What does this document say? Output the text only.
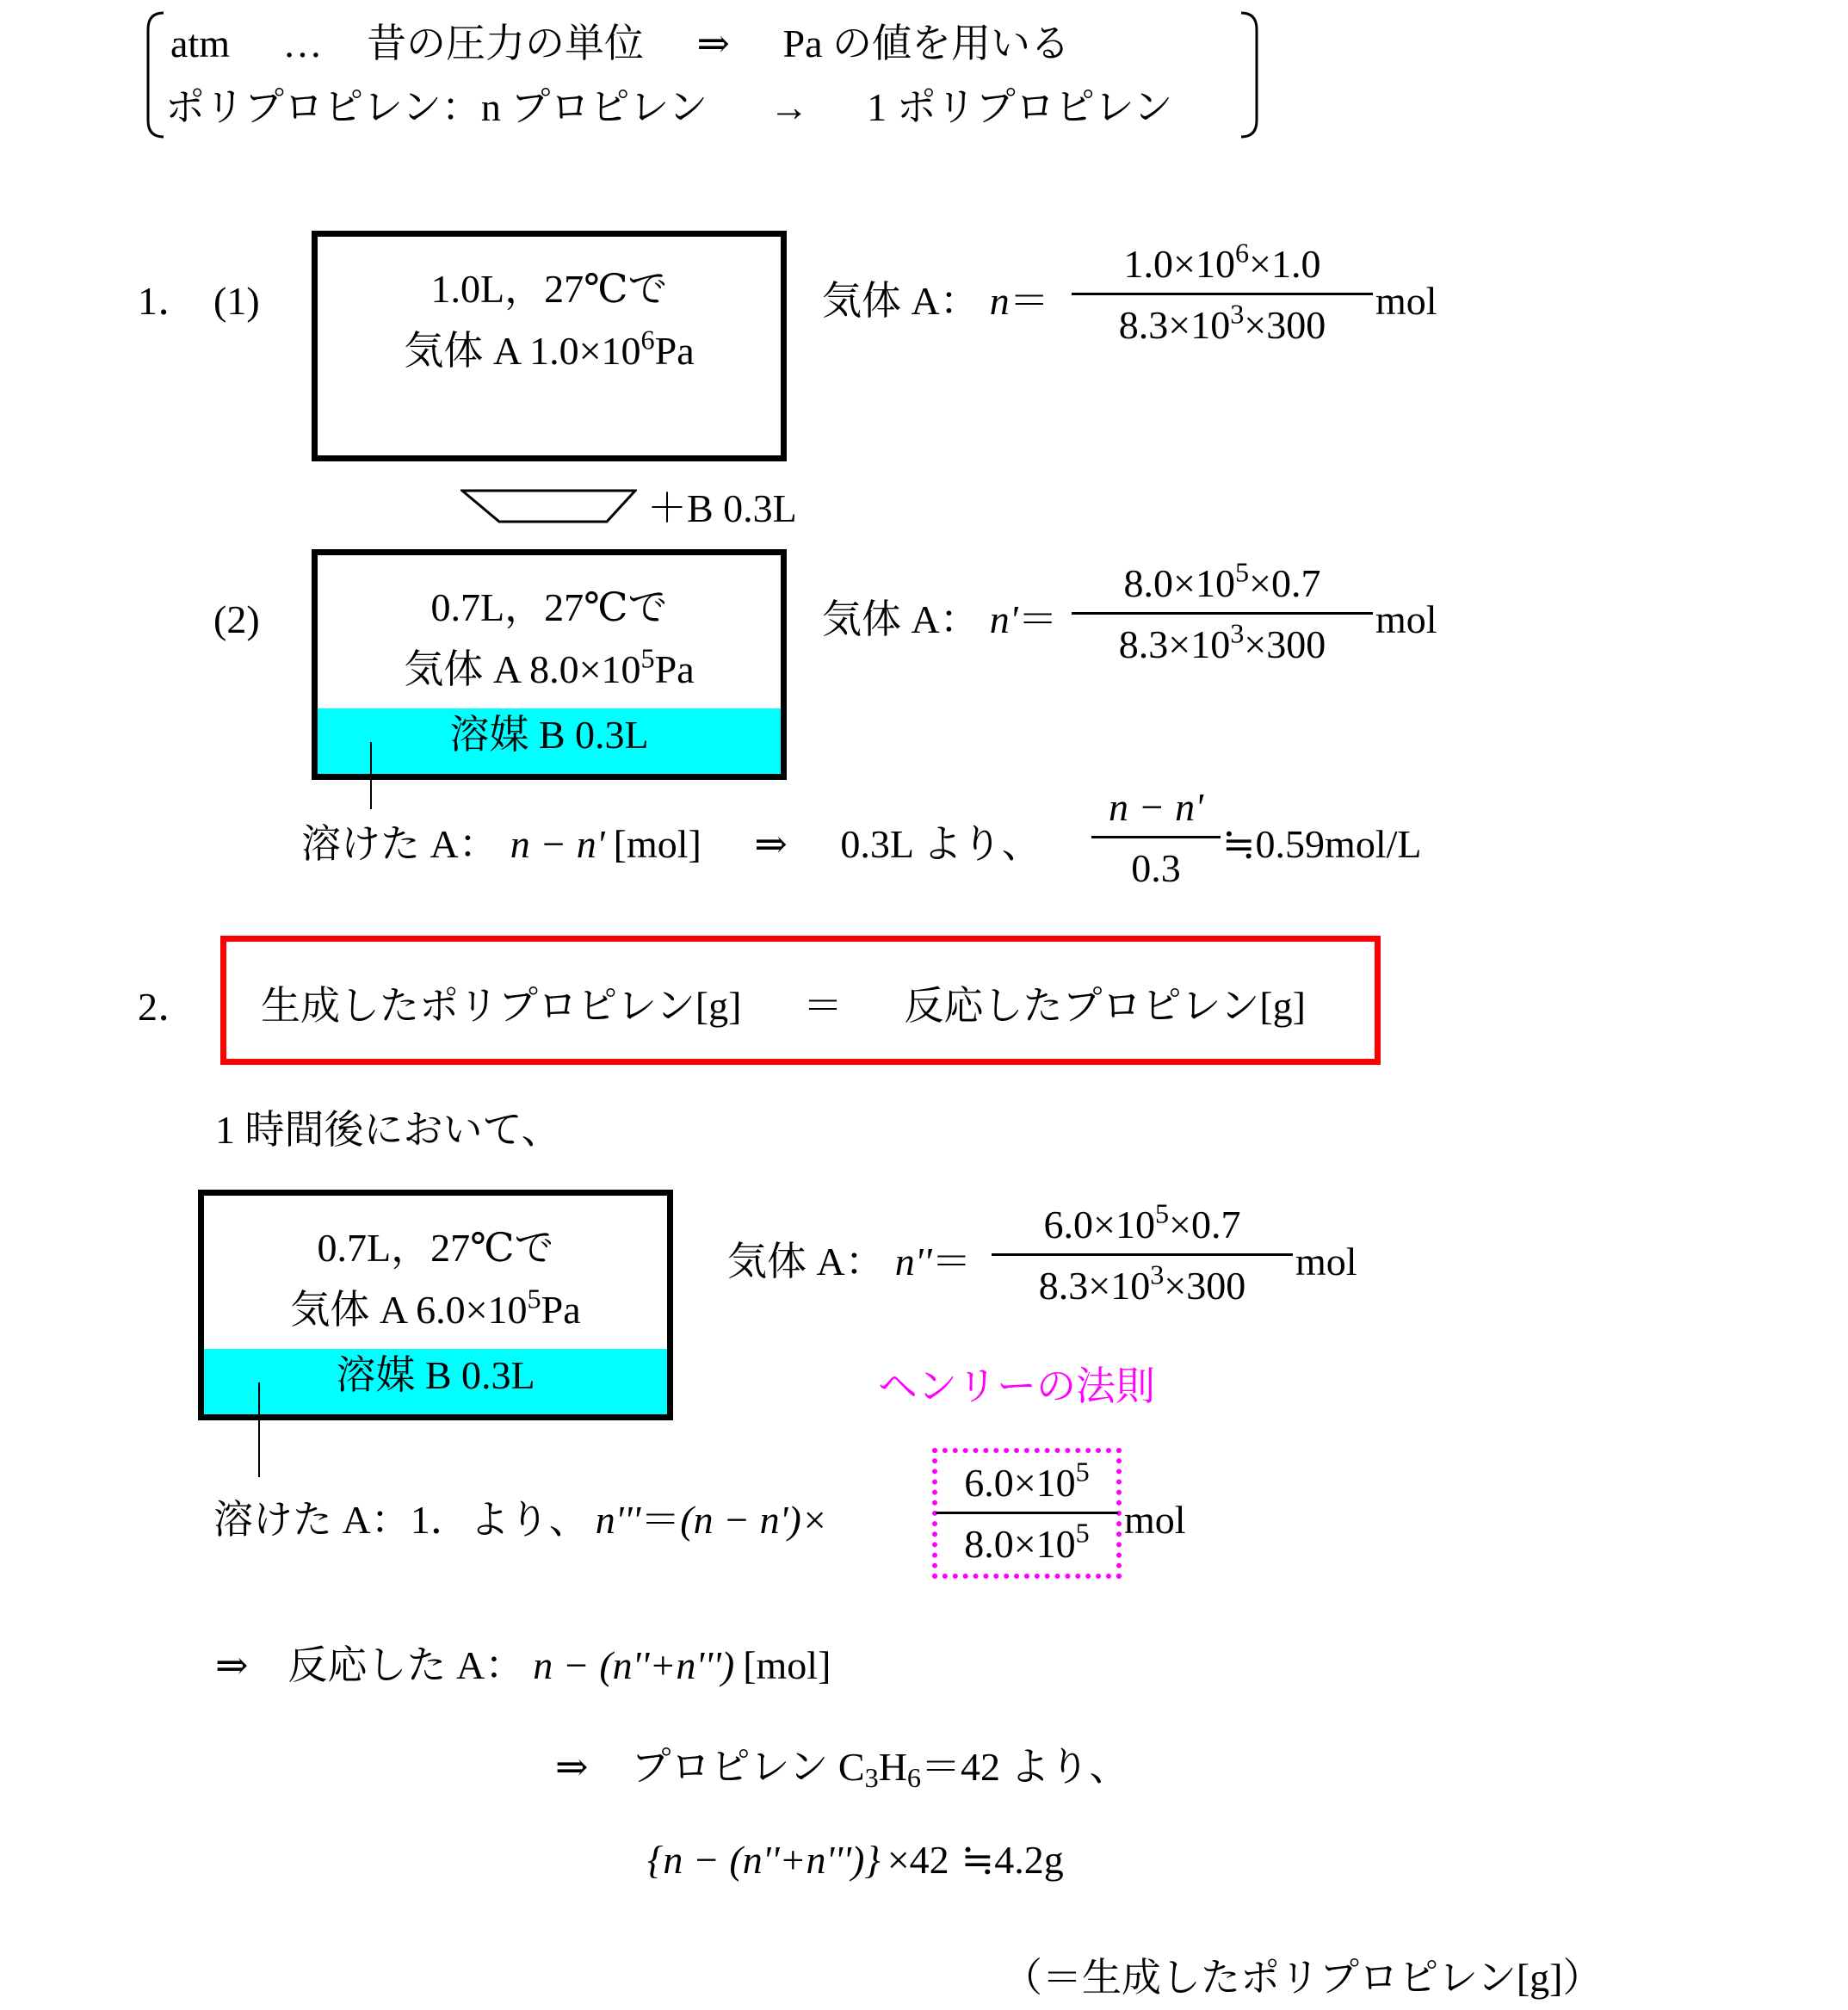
atm … 昔の圧力の単位 ⇒ Pa の値を用いる
ポリプロピレン：n プロピレン → 1 ポリプロピレン
1． (1)	1.0L，27℃で
気体 A $1.0\times 10^6Pa$
気体 A： n＝
$1.0\times 10^6\times 1.0$
$8.3\times 10^3\times 300$
mol
＋B 0.3L
(2)	0.7L，27℃で
気体 A $8.0\times 10^5Pa$
溶媒 B 0.3L
気体 A： n'＝
$8.0\times 10^5\times 0.7$
$8.3\times 10^3\times 300$
mol
溶けた A： n − n' [mol] ⇒ 0.3L より、
n − n'
0.3
≒0.59mol/L
2． 生成したポリプロピレン[g] ＝ 反応したプロピレン[g]
1 時間後において、
0.7L，27℃で
気体 A $6.0\times 10^5Pa$
溶媒 B 0.3L
気体 A： n''＝
$6.0\times 10^5\times 0.7$
$8.3\times 10^3\times 300$
mol
ヘンリーの法則
溶けた A：1．より、 n'''＝(n − n')×
$6.0\times 10^5$
$8.0\times 10^5$ mol
⇒ 反応した A： n − (n''+n''') [mol]
⇒ プロピレン $C_3H_6=42$ より、
{n − (n''+n''')} ×42 ≒4.2g
（＝生成したポリプロピレン[g]）
